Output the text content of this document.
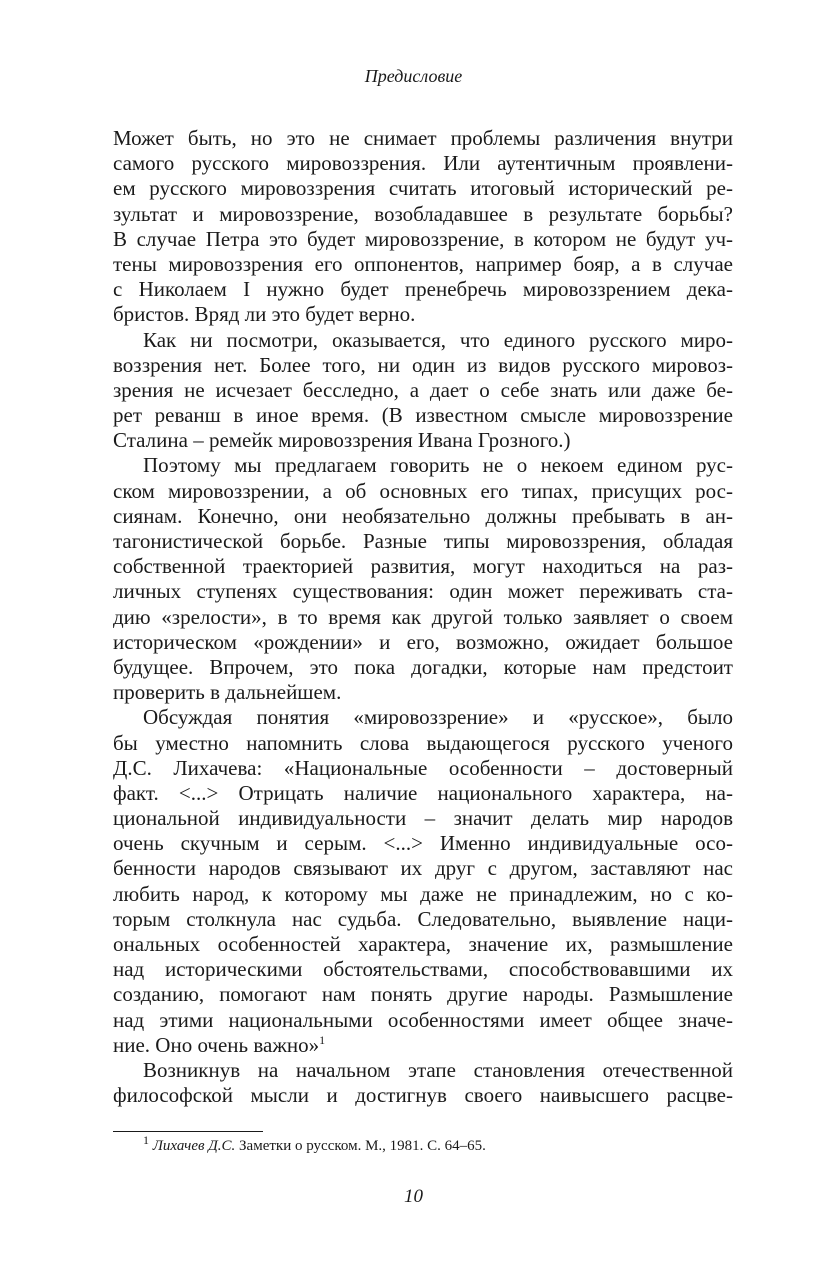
Предисловие
Может быть, но это не снимает проблемы различения внутри
самого русского мировоззрения. Или аутентичным проявлени-
ем русского мировоззрения считать итоговый исторический ре-
зультат и мировоззрение, возобладавшее в результате борьбы?
В случае Петра это будет мировоззрение, в котором не будут уч-
тены мировоззрения его оппонентов, например бояр, а в случае
с Николаем I нужно будет пренебречь мировоззрением дека-
бристов. Вряд ли это будет верно.
Как ни посмотри, оказывается, что единого русского миро-
воззрения нет. Более того, ни один из видов русского мировоз-
зрения не исчезает бесследно, а дает о себе знать или даже бе-
рет реванш в иное время. (В известном смысле мировоззрение
Сталина – ремейк мировоззрения Ивана Грозного.)
Поэтому мы предлагаем говорить не о некоем едином рус-
ском мировоззрении, а об основных его типах, присущих рос-
сиянам. Конечно, они необязательно должны пребывать в ан-
тагонистической борьбе. Разные типы мировоззрения, обладая
собственной траекторией развития, могут находиться на раз-
личных ступенях существования: один может переживать ста-
дию «зрелости», в то время как другой только заявляет о своем
историческом «рождении» и его, возможно, ожидает большое
будущее. Впрочем, это пока догадки, которые нам предстоит
проверить в дальнейшем.
Обсуждая понятия «мировоззрение» и «русское», было
бы уместно напомнить слова выдающегося русского ученого
Д.С. Лихачева: «Национальные особенности – достоверный
факт. <...> Отрицать наличие национального характера, на-
циональной индивидуальности – значит делать мир народов
очень скучным и серым. <...> Именно индивидуальные осо-
бенности народов связывают их друг с другом, заставляют нас
любить народ, к которому мы даже не принадлежим, но с ко-
торым столкнула нас судьба. Следовательно, выявление наци-
ональных особенностей характера, значение их, размышление
над историческими обстоятельствами, способствовавшими их
созданию, помогают нам понять другие народы. Размышление
над этими национальными особенностями имеет общее значе-
ние. Оно очень важно»$^1$
Возникнув на начальном этапе становления отечественной
философской мысли и достигнув своего наивысшего расцве-
$^1$ Лихачев Д.С. Заметки о русском. М., 1981. С. 64–65.
10
